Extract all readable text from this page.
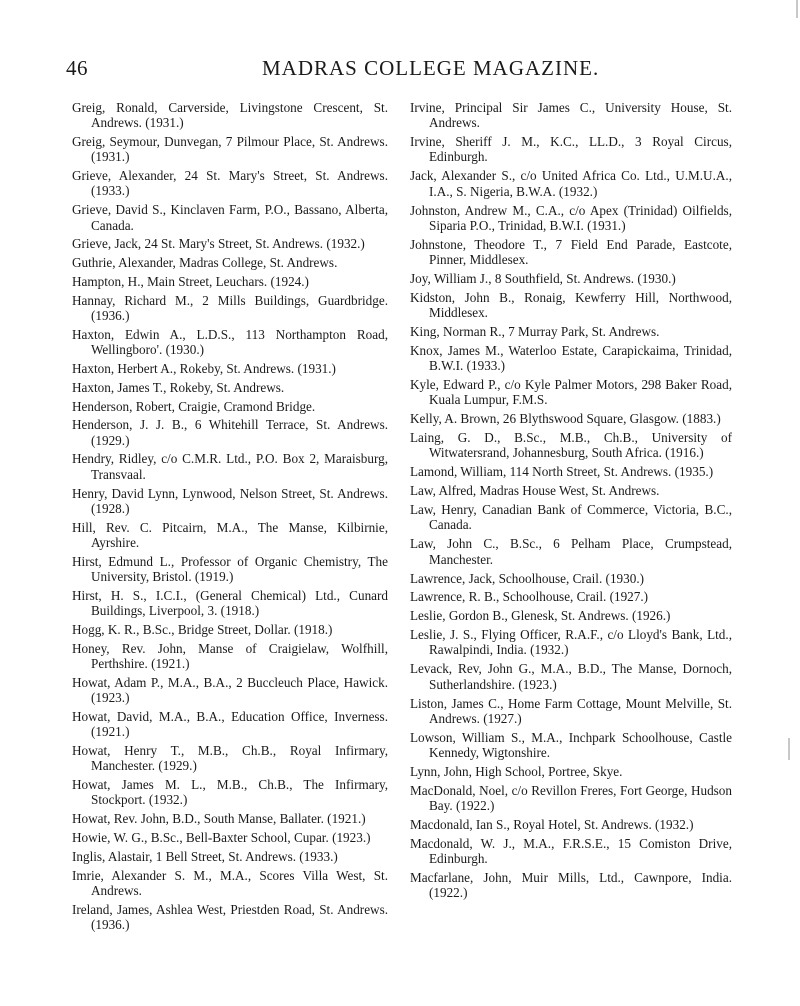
46	MADRAS COLLEGE MAGAZINE.

Greig, Ronald, Carverside, Livingstone Crescent, St. Andrews. (1931.)

Greig, Seymour, Dunvegan, 7 Pilmour Place, St. Andrews. (1931.)

Grieve, Alexander, 24 St. Mary's Street, St. Andrews. (1933.)

Grieve, David S., Kinclaven Farm, P.O., Bassano, Alberta, Canada.

Grieve, Jack, 24 St. Mary's Street, St. Andrews. (1932.)

Guthrie, Alexander, Madras College, St. Andrews.

Hampton, H., Main Street, Leuchars. (1924.)

Hannay, Richard M., 2 Mills Buildings, Guardbridge. (1936.)

Haxton, Edwin A., L.D.S., 113 Northampton Road, Wellingboro'. (1930.)

Haxton, Herbert A., Rokeby, St. Andrews. (1931.)

Haxton, James T., Rokeby, St. Andrews.

Henderson, Robert, Craigie, Cramond Bridge.

Henderson, J. J. B., 6 Whitehill Terrace, St. Andrews. (1929.)

Hendry, Ridley, c/o C.M.R. Ltd., P.O. Box 2, Maraisburg, Transvaal.

Henry, David Lynn, Lynwood, Nelson Street, St. Andrews. (1928.)

Hill, Rev. C. Pitcairn, M.A., The Manse, Kilbirnie, Ayrshire.

Hirst, Edmund L., Professor of Organic Chemistry, The University, Bristol. (1919.)

Hirst, H. S., I.C.I., (General Chemical) Ltd., Cunard Buildings, Liverpool, 3. (1918.)

Hogg, K. R., B.Sc., Bridge Street, Dollar. (1918.)

Honey, Rev. John, Manse of Craigielaw, Wolfhill, Perthshire. (1921.)

Howat, Adam P., M.A., B.A., 2 Buccleuch Place, Hawick. (1923.)

Howat, David, M.A., B.A., Education Office, Inverness. (1921.)

Howat, Henry T., M.B., Ch.B., Royal Infirmary, Manchester. (1929.)

Howat, James M. L., M.B., Ch.B., The Infirmary, Stockport. (1932.)

Howat, Rev. John, B.D., South Manse, Ballater. (1921.)

Howie, W. G., B.Sc., Bell-Baxter School, Cupar. (1923.)

Inglis, Alastair, 1 Bell Street, St. Andrews. (1933.)

Imrie, Alexander S. M., M.A., Scores Villa West, St. Andrews.

Ireland, James, Ashlea West, Priestden Road, St. Andrews. (1936.)

Irvine, Principal Sir James C., University House, St. Andrews.

Irvine, Sheriff J. M., K.C., LL.D., 3 Royal Circus, Edinburgh.

Jack, Alexander S., c/o United Africa Co. Ltd., U.M.U.A., I.A., S. Nigeria, B.W.A. (1932.)

Johnston, Andrew M., C.A., c/o Apex (Trinidad) Oilfields, Siparia P.O., Trinidad, B.W.I. (1931.)

Johnstone, Theodore T., 7 Field End Parade, Eastcote, Pinner, Middlesex.

Joy, William J., 8 Southfield, St. Andrews. (1930.)

Kidston, John B., Ronaig, Kewferry Hill, Northwood, Middlesex.

King, Norman R., 7 Murray Park, St. Andrews.

Knox, James M., Waterloo Estate, Carapickaima, Trinidad, B.W.I. (1933.)

Kyle, Edward P., c/o Kyle Palmer Motors, 298 Baker Road, Kuala Lumpur, F.M.S.

Kelly, A. Brown, 26 Blythswood Square, Glasgow. (1883.)

Laing, G. D., B.Sc., M.B., Ch.B., University of Witwatersrand, Johannesburg, South Africa. (1916.)

Lamond, William, 114 North Street, St. Andrews. (1935.)

Law, Alfred, Madras House West, St. Andrews.

Law, Henry, Canadian Bank of Commerce, Victoria, B.C., Canada.

Law, John C., B.Sc., 6 Pelham Place, Crumpstead, Manchester.

Lawrence, Jack, Schoolhouse, Crail. (1930.)

Lawrence, R. B., Schoolhouse, Crail. (1927.)

Leslie, Gordon B., Glenesk, St. Andrews. (1926.)

Leslie, J. S., Flying Officer, R.A.F., c/o Lloyd's Bank, Ltd., Rawalpindi, India. (1932.)

Levack, Rev, John G., M.A., B.D., The Manse, Dornoch, Sutherlandshire. (1923.)

Liston, James C., Home Farm Cottage, Mount Melville, St. Andrews. (1927.)

Lowson, William S., M.A., Inchpark Schoolhouse, Castle Kennedy, Wigtonshire.

Lynn, John, High School, Portree, Skye.

MacDonald, Noel, c/o Revillon Freres, Fort George, Hudson Bay. (1922.)

Macdonald, Ian S., Royal Hotel, St. Andrews. (1932.)

Macdonald, W. J., M.A., F.R.S.E., 15 Comiston Drive, Edinburgh.

Macfarlane, John, Muir Mills, Ltd., Cawnpore, India. (1922.)
